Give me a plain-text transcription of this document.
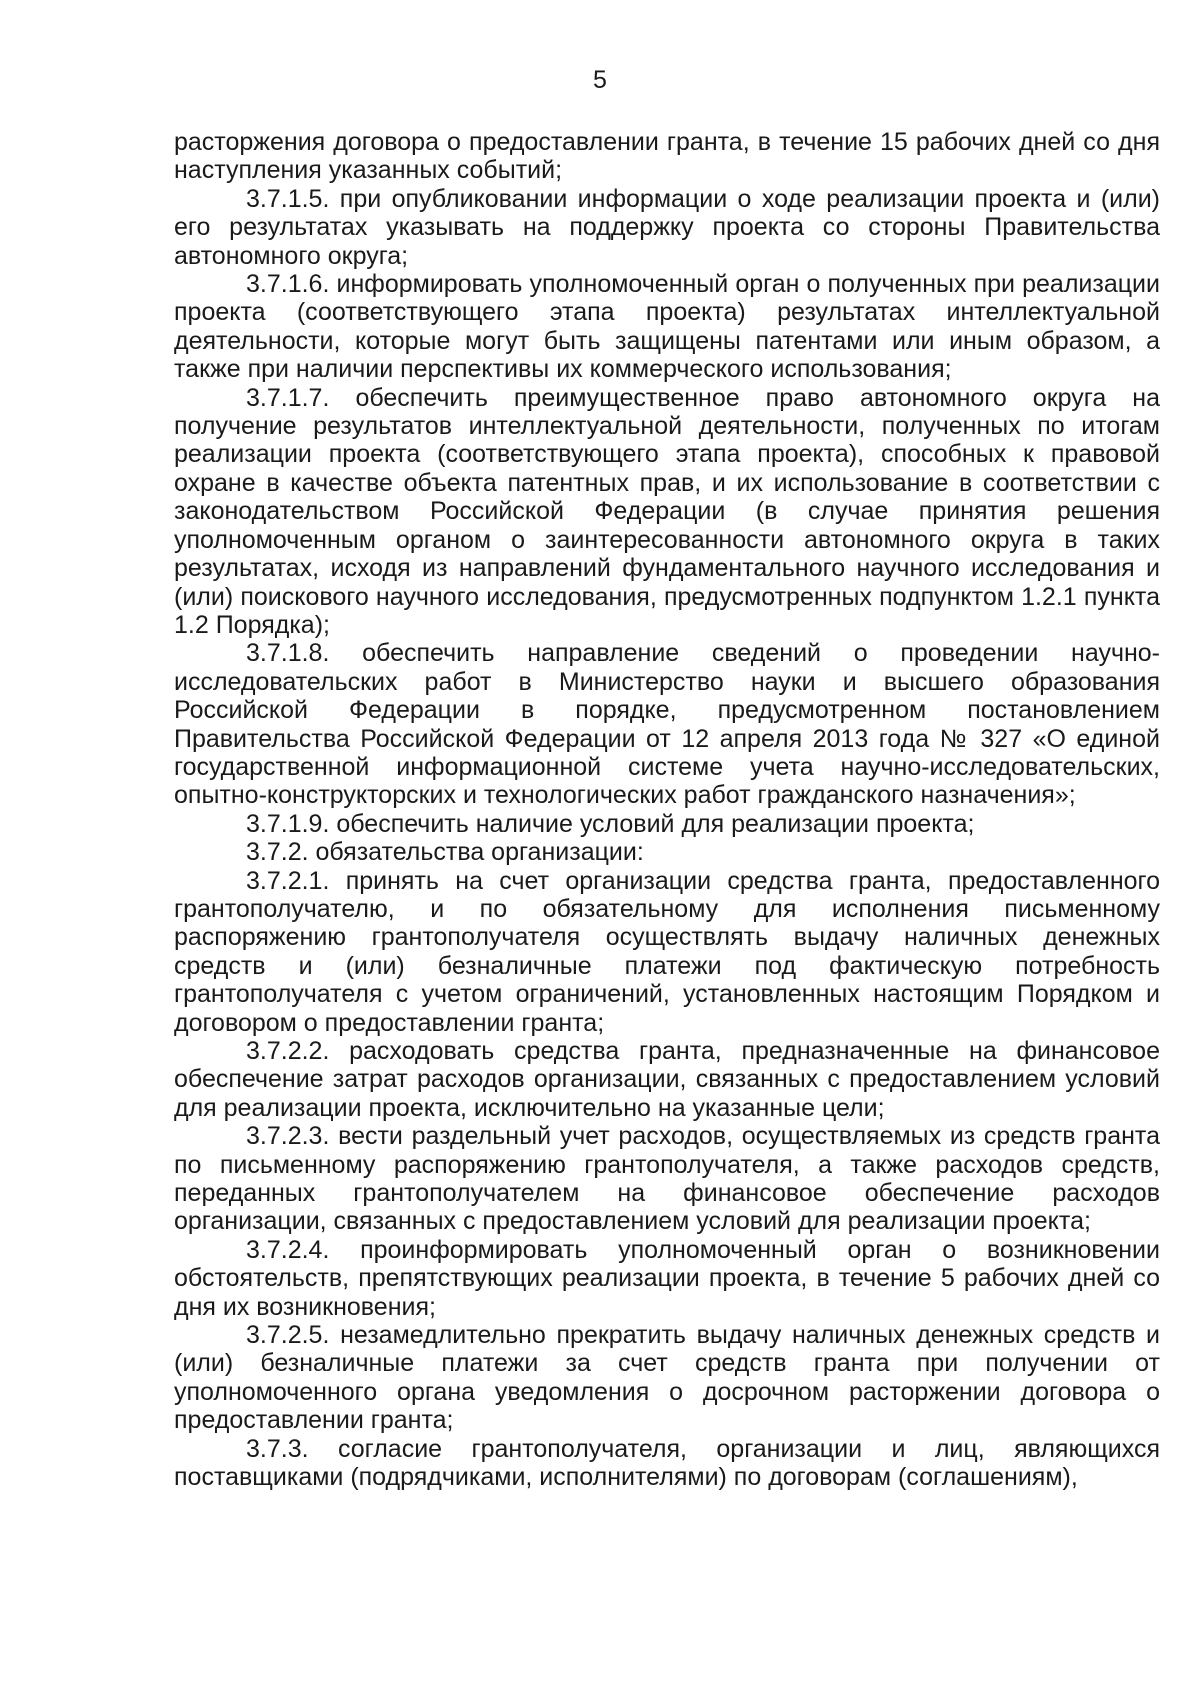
5

расторжения договора о предоставлении гранта, в течение 15 рабочих дней со дня наступления указанных событий;

3.7.1.5. при опубликовании информации о ходе реализации проекта и (или) его результатах указывать на поддержку проекта со стороны Правительства автономного округа;

3.7.1.6. информировать уполномоченный орган о полученных при реализации проекта (соответствующего этапа проекта) результатах интеллектуальной деятельности, которые могут быть защищены патентами или иным образом, а также при наличии перспективы их коммерческого использования;

3.7.1.7. обеспечить преимущественное право автономного округа на получение результатов интеллектуальной деятельности, полученных по итогам реализации проекта (соответствующего этапа проекта), способных к правовой охране в качестве объекта патентных прав, и их использование в соответствии с законодательством Российской Федерации (в случае принятия решения уполномоченным органом о заинтересованности автономного округа в таких результатах, исходя из направлений фундаментального научного исследования и (или) поискового научного исследования, предусмотренных подпунктом 1.2.1 пункта 1.2 Порядка);

3.7.1.8. обеспечить направление сведений о проведении научно-исследовательских работ в Министерство науки и высшего образования Российской Федерации в порядке, предусмотренном постановлением Правительства Российской Федерации от 12 апреля 2013 года № 327 «О единой государственной информационной системе учета научно-исследовательских, опытно-конструкторских и технологических работ гражданского назначения»;

3.7.1.9. обеспечить наличие условий для реализации проекта;

3.7.2. обязательства организации:

3.7.2.1. принять на счет организации средства гранта, предоставленного грантополучателю, и по обязательному для исполнения письменному распоряжению грантополучателя осуществлять выдачу наличных денежных средств и (или) безналичные платежи под фактическую потребность грантополучателя с учетом ограничений, установленных настоящим Порядком и договором о предоставлении гранта;

3.7.2.2. расходовать средства гранта, предназначенные на финансовое обеспечение затрат расходов организации, связанных с предоставлением условий для реализации проекта, исключительно на указанные цели;

3.7.2.3. вести раздельный учет расходов, осуществляемых из средств гранта по письменному распоряжению грантополучателя, а также расходов средств, переданных грантополучателем на финансовое обеспечение расходов организации, связанных с предоставлением условий для реализации проекта;

3.7.2.4. проинформировать уполномоченный орган о возникновении обстоятельств, препятствующих реализации проекта, в течение 5 рабочих дней со дня их возникновения;

3.7.2.5. незамедлительно прекратить выдачу наличных денежных средств и (или) безналичные платежи за счет средств гранта при получении от уполномоченного органа уведомления о досрочном расторжении договора о предоставлении гранта;

3.7.3. согласие грантополучателя, организации и лиц, являющихся поставщиками (подрядчиками, исполнителями) по договорам (соглашениям),
